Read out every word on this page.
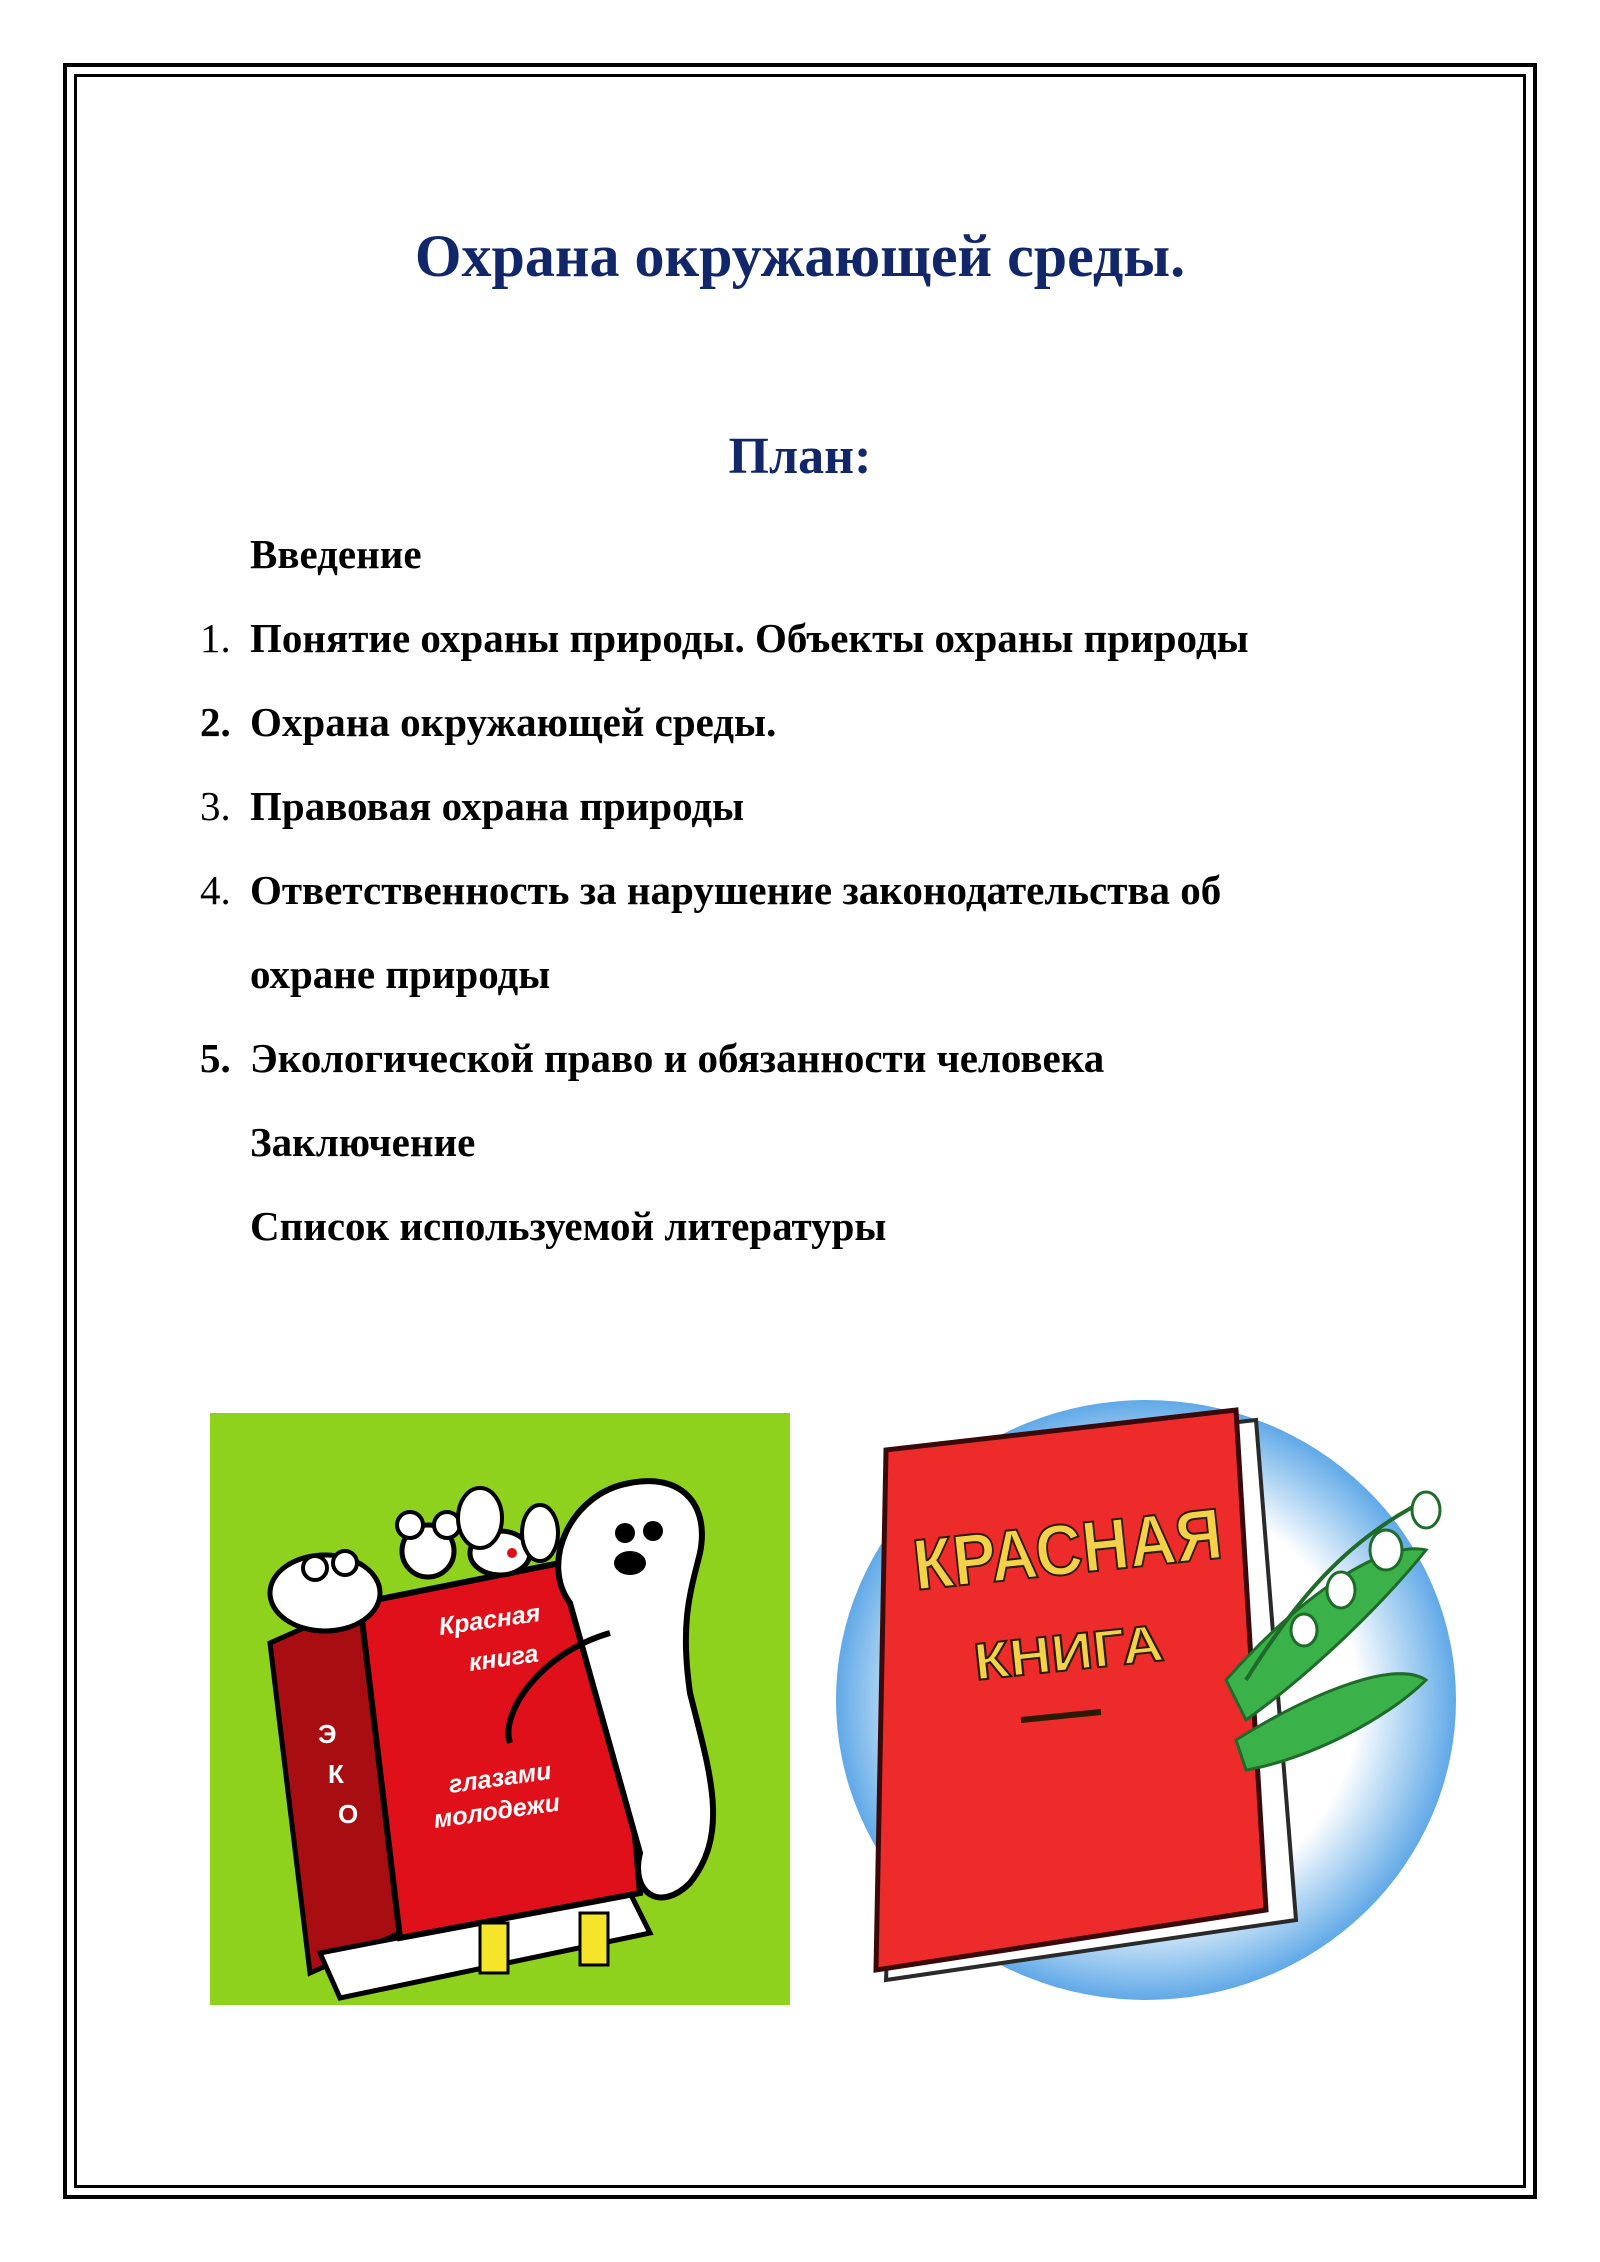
Охрана окружающей среды.
План:
Введение
1. Понятие охраны природы. Объекты охраны природы
2. Охрана окружающей среды.
3. Правовая охрана природы
4. Ответственность за нарушение законодательства об
охране природы
5. Экологической право и обязанности человека
Заключение
Список используемой литературы
Красная
книга
Э
К
О
глазами
молодежи
КРАСНАЯ
КНИГА
